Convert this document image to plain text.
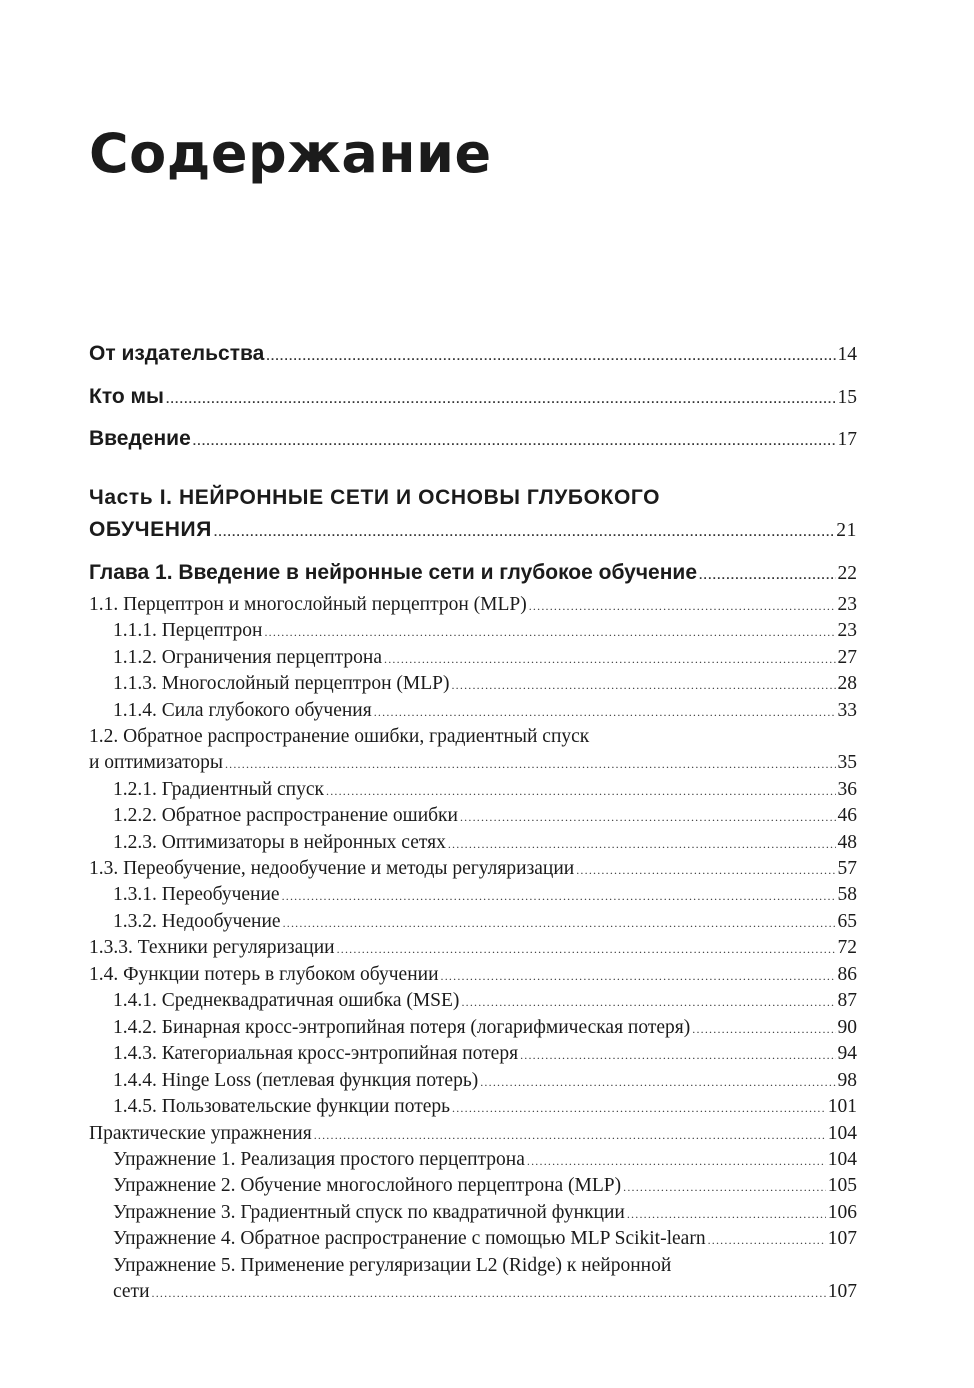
Содержание
От издательства .....	14
Кто мы .....	15
Введение .....	17
Часть I. НЕЙРОННЫЕ СЕТИ И ОСНОВЫ ГЛУБОКОГО
ОБУЧЕНИЯ .....	21
Глава 1. Введение в нейронные сети и глубокое обучение .....	22
1.1. Перцептрон и многослойный перцептрон (MLP) .....	23
1.1.1. Перцептрон .....	23
1.1.2. Ограничения перцептрона .....	27
1.1.3. Многослойный перцептрон (MLP) .....	28
1.1.4. Сила глубокого обучения .....	33
1.2. Обратное распространение ошибки, градиентный спуск
и оптимизаторы .....	35
1.2.1. Градиентный спуск .....	36
1.2.2. Обратное распространение ошибки .....	46
1.2.3. Оптимизаторы в нейронных сетях .....	48
1.3. Переобучение, недообучение и методы регуляризации .....	57
1.3.1. Переобучение .....	58
1.3.2. Недообучение .....	65
1.3.3. Техники регуляризации .....	72
1.4. Функции потерь в глубоком обучении .....	86
1.4.1. Среднеквадратичная ошибка (MSE) .....	87
1.4.2. Бинарная кросс-энтропийная потеря (логарифмическая потеря) .....	90
1.4.3. Категориальная кросс-энтропийная потеря .....	94
1.4.4. Hinge Loss (петлевая функция потерь) .....	98
1.4.5. Пользовательские функции потерь .....	101
Практические упражнения .....	104
Упражнение 1. Реализация простого перцептрона .....	104
Упражнение 2. Обучение многослойного перцептрона (MLP) .....	105
Упражнение 3. Градиентный спуск по квадратичной функции .....	106
Упражнение 4. Обратное распространение с помощью MLP Scikit-learn .....	107
Упражнение 5. Применение регуляризации L2 (Ridge) к нейронной
сети .....	107
